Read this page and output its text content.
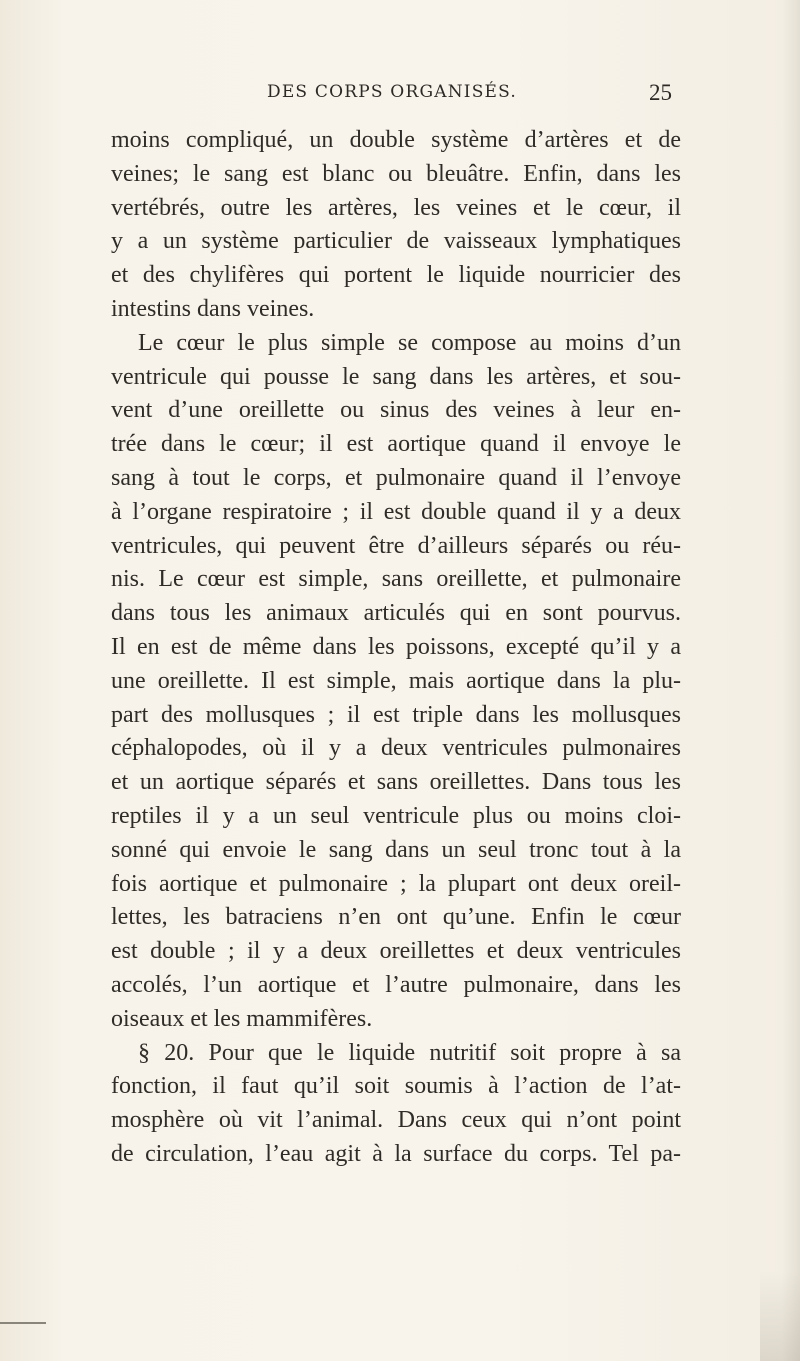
DES CORPS ORGANISÉS.	25
moins compliqué, un double système d’artères et de
veines; le sang est blanc ou bleuâtre. Enfin, dans les
vertébrés, outre les artères, les veines et le cœur, il
y a un système particulier de vaisseaux lymphatiques
et des chylifères qui portent le liquide nourricier des
intestins dans veines.
Le cœur le plus simple se compose au moins d’un
ventricule qui pousse le sang dans les artères, et sou-
vent d’une oreillette ou sinus des veines à leur en-
trée dans le cœur; il est aortique quand il envoye le
sang à tout le corps, et pulmonaire quand il l’envoye
à l’organe respiratoire ; il est double quand il y a deux
ventricules, qui peuvent être d’ailleurs séparés ou réu-
nis. Le cœur est simple, sans oreillette, et pulmonaire
dans tous les animaux articulés qui en sont pourvus.
Il en est de même dans les poissons, excepté qu’il y a
une oreillette. Il est simple, mais aortique dans la plu-
part des mollusques ; il est triple dans les mollusques
céphalopodes, où il y a deux ventricules pulmonaires
et un aortique séparés et sans oreillettes. Dans tous les
reptiles il y a un seul ventricule plus ou moins cloi-
sonné qui envoie le sang dans un seul tronc tout à la
fois aortique et pulmonaire ; la plupart ont deux oreil-
lettes, les batraciens n’en ont qu’une. Enfin le cœur
est double ; il y a deux oreillettes et deux ventricules
accolés, l’un aortique et l’autre pulmonaire, dans les
oiseaux et les mammifères.
§ 20. Pour que le liquide nutritif soit propre à sa
fonction, il faut qu’il soit soumis à l’action de l’at-
mosphère où vit l’animal. Dans ceux qui n’ont point
de circulation, l’eau agit à la surface du corps. Tel pa-
